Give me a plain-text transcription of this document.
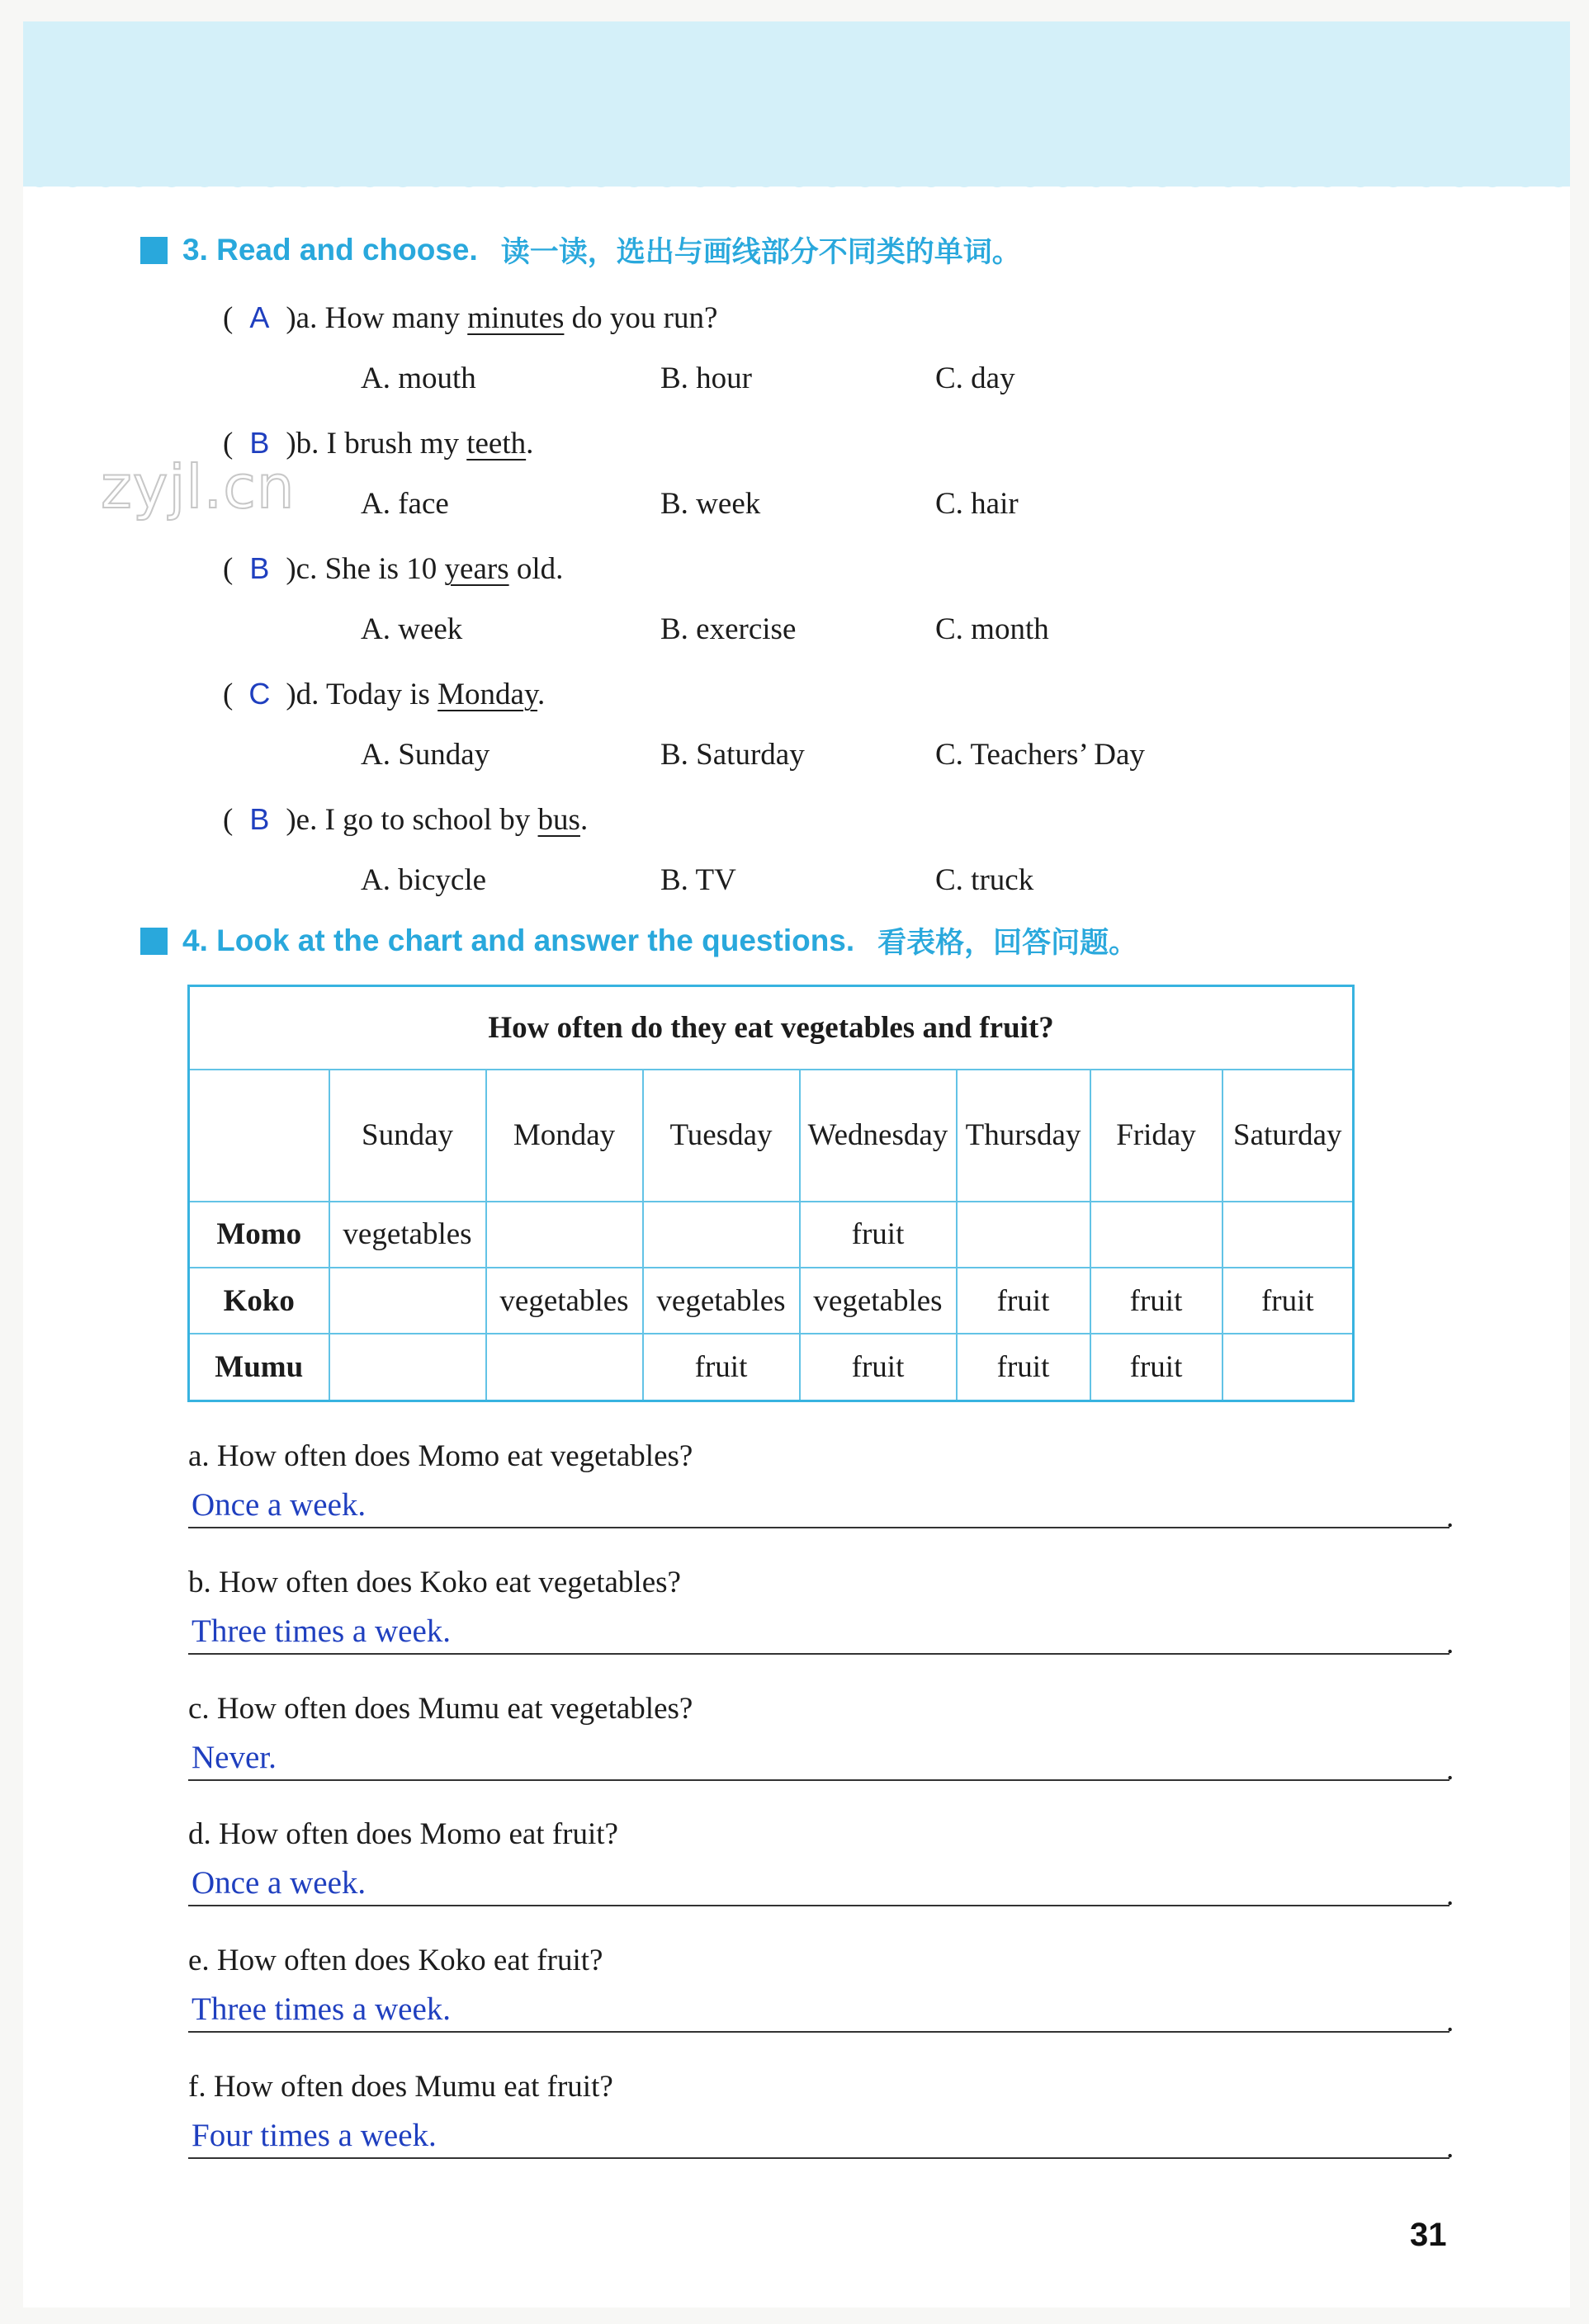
3. Read and choose. 读一读，选出与画线部分不同类的单词。
zyjl.cn
( A )a. How many minutes do you run?
A. mouth	B. hour	C. day
( B )b. I brush my teeth.
A. face	B. week	C. hair
( B )c. She is 10 years old.
A. week	B. exercise	C. month
( C )d. Today is Monday.
A. Sunday	B. Saturday	C. Teachers’ Day
( B )e. I go to school by bus.
A. bicycle	B. TV	C. truck
4. Look at the chart and answer the questions. 看表格，回答问题。
How often do they eat vegetables and fruit?							
	Sunday	Monday	Tuesday	Wednesday	Thursday	Friday	Saturday
Momo	vegetables			fruit			
Koko		vegetables	vegetables	vegetables	fruit	fruit	fruit
Mumu			fruit	fruit	fruit	fruit	
a. How often does Momo eat vegetables?
Once a week.	.
b. How often does Koko eat vegetables?
Three times a week.	.
c. How often does Mumu eat vegetables?
Never.	.
d. How often does Momo eat fruit?
Once a week.	.
e. How often does Koko eat fruit?
Three times a week.	.
f. How often does Mumu eat fruit?
Four times a week.	.
31
